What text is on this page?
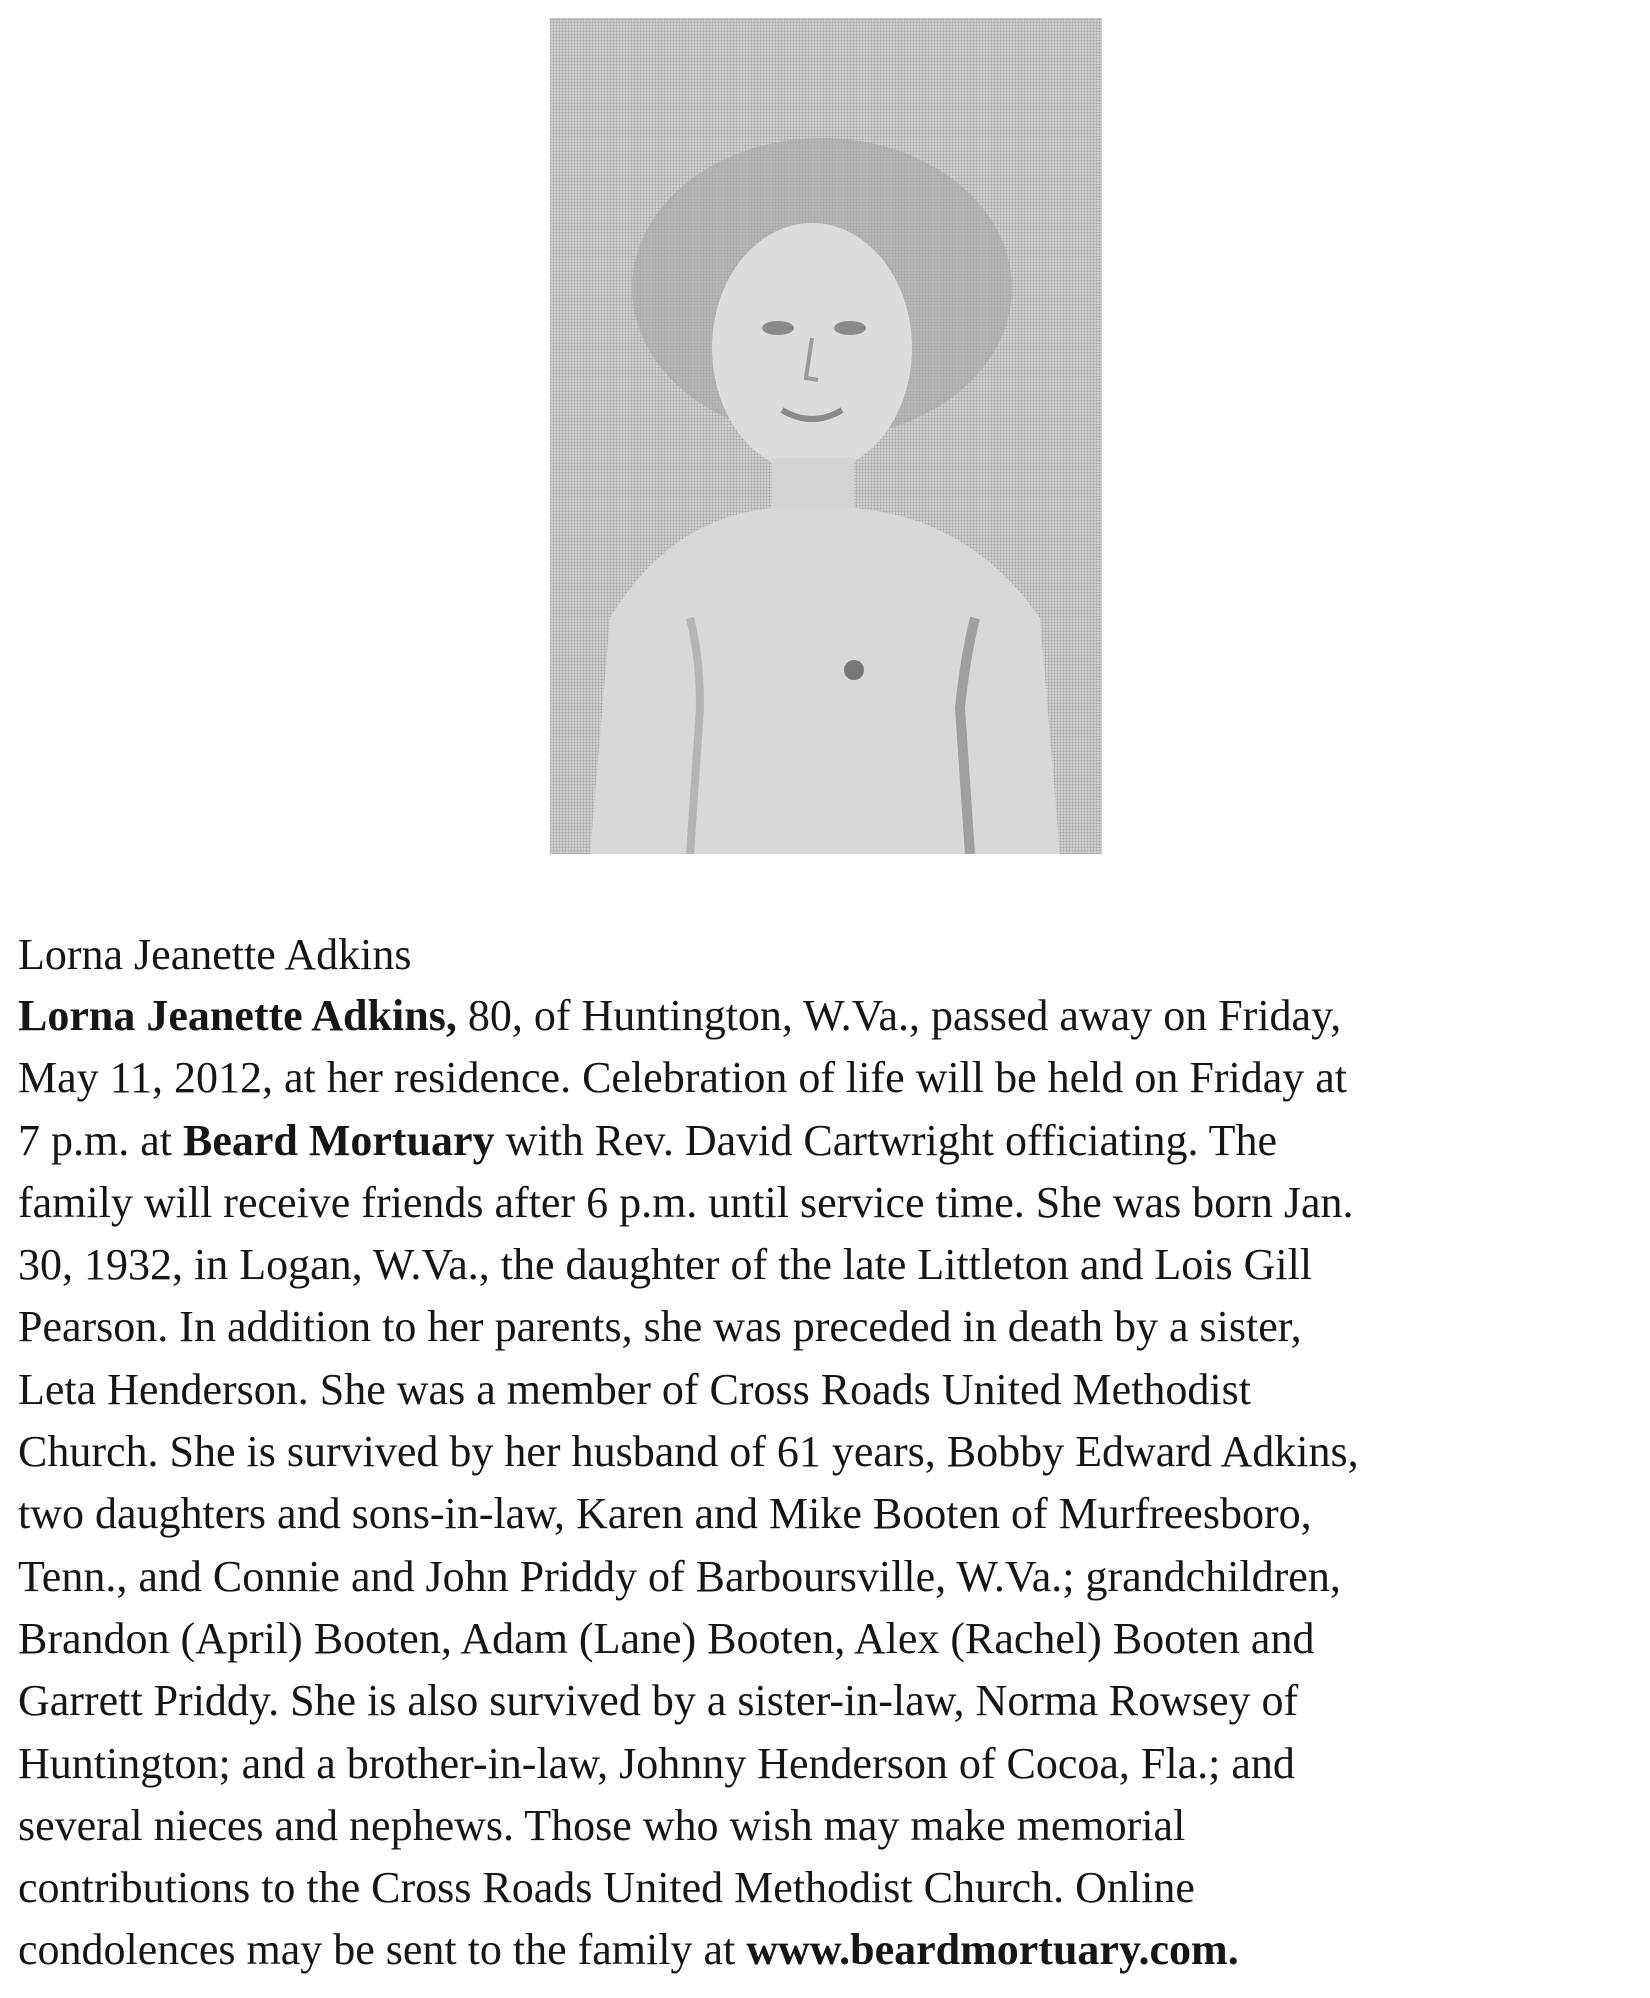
Lorna Jeanette Adkins
Lorna Jeanette Adkins, 80, of Huntington, W.Va., passed away on Friday,
May 11, 2012, at her residence. Celebration of life will be held on Friday at
7 p.m. at Beard Mortuary with Rev. David Cartwright officiating. The
family will receive friends after 6 p.m. until service time. She was born Jan.
30, 1932, in Logan, W.Va., the daughter of the late Littleton and Lois Gill
Pearson. In addition to her parents, she was preceded in death by a sister,
Leta Henderson. She was a member of Cross Roads United Methodist
Church. She is survived by her husband of 61 years, Bobby Edward Adkins,
two daughters and sons-in-law, Karen and Mike Booten of Murfreesboro,
Tenn., and Connie and John Priddy of Barboursville, W.Va.; grandchildren,
Brandon (April) Booten, Adam (Lane) Booten, Alex (Rachel) Booten and
Garrett Priddy. She is also survived by a sister-in-law, Norma Rowsey of
Huntington; and a brother-in-law, Johnny Henderson of Cocoa, Fla.; and
several nieces and nephews. Those who wish may make memorial
contributions to the Cross Roads United Methodist Church. Online
condolences may be sent to the family at www.beardmortuary.com.
